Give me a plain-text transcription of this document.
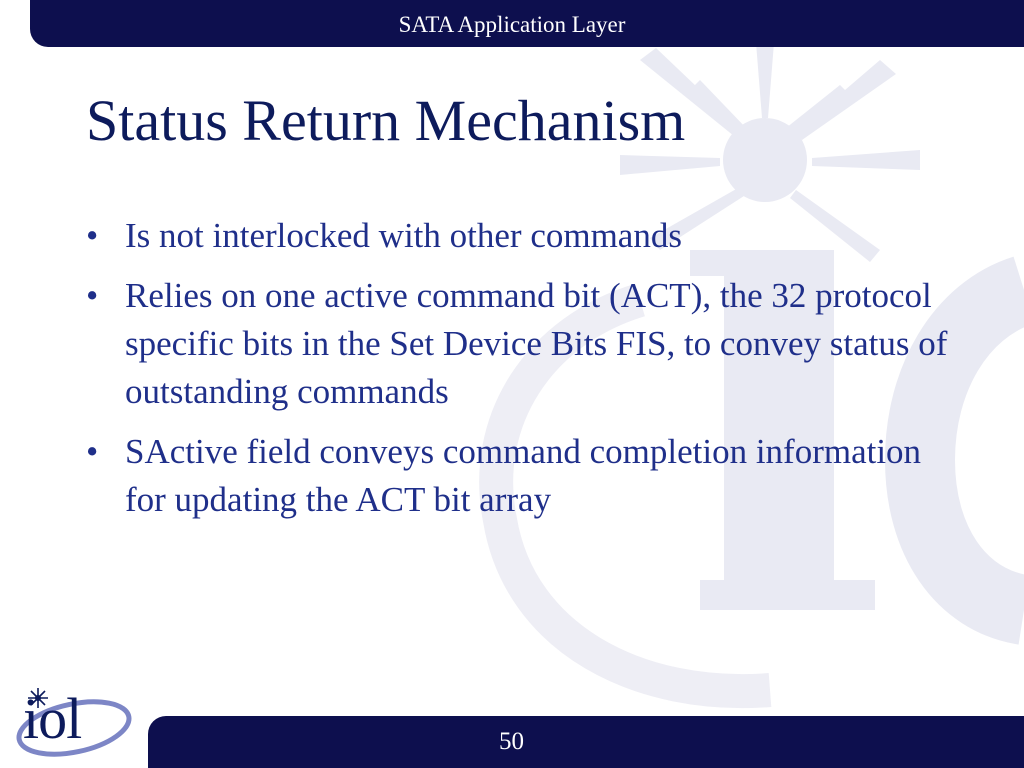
SATA Application Layer
Status Return Mechanism
• Is not interlocked with other commands
• Relies on one active command bit (ACT), the 32 protocol specific bits in the Set Device Bits FIS, to convey status of outstanding commands
• SActive field conveys command completion information for updating the ACT bit array
50
iol
